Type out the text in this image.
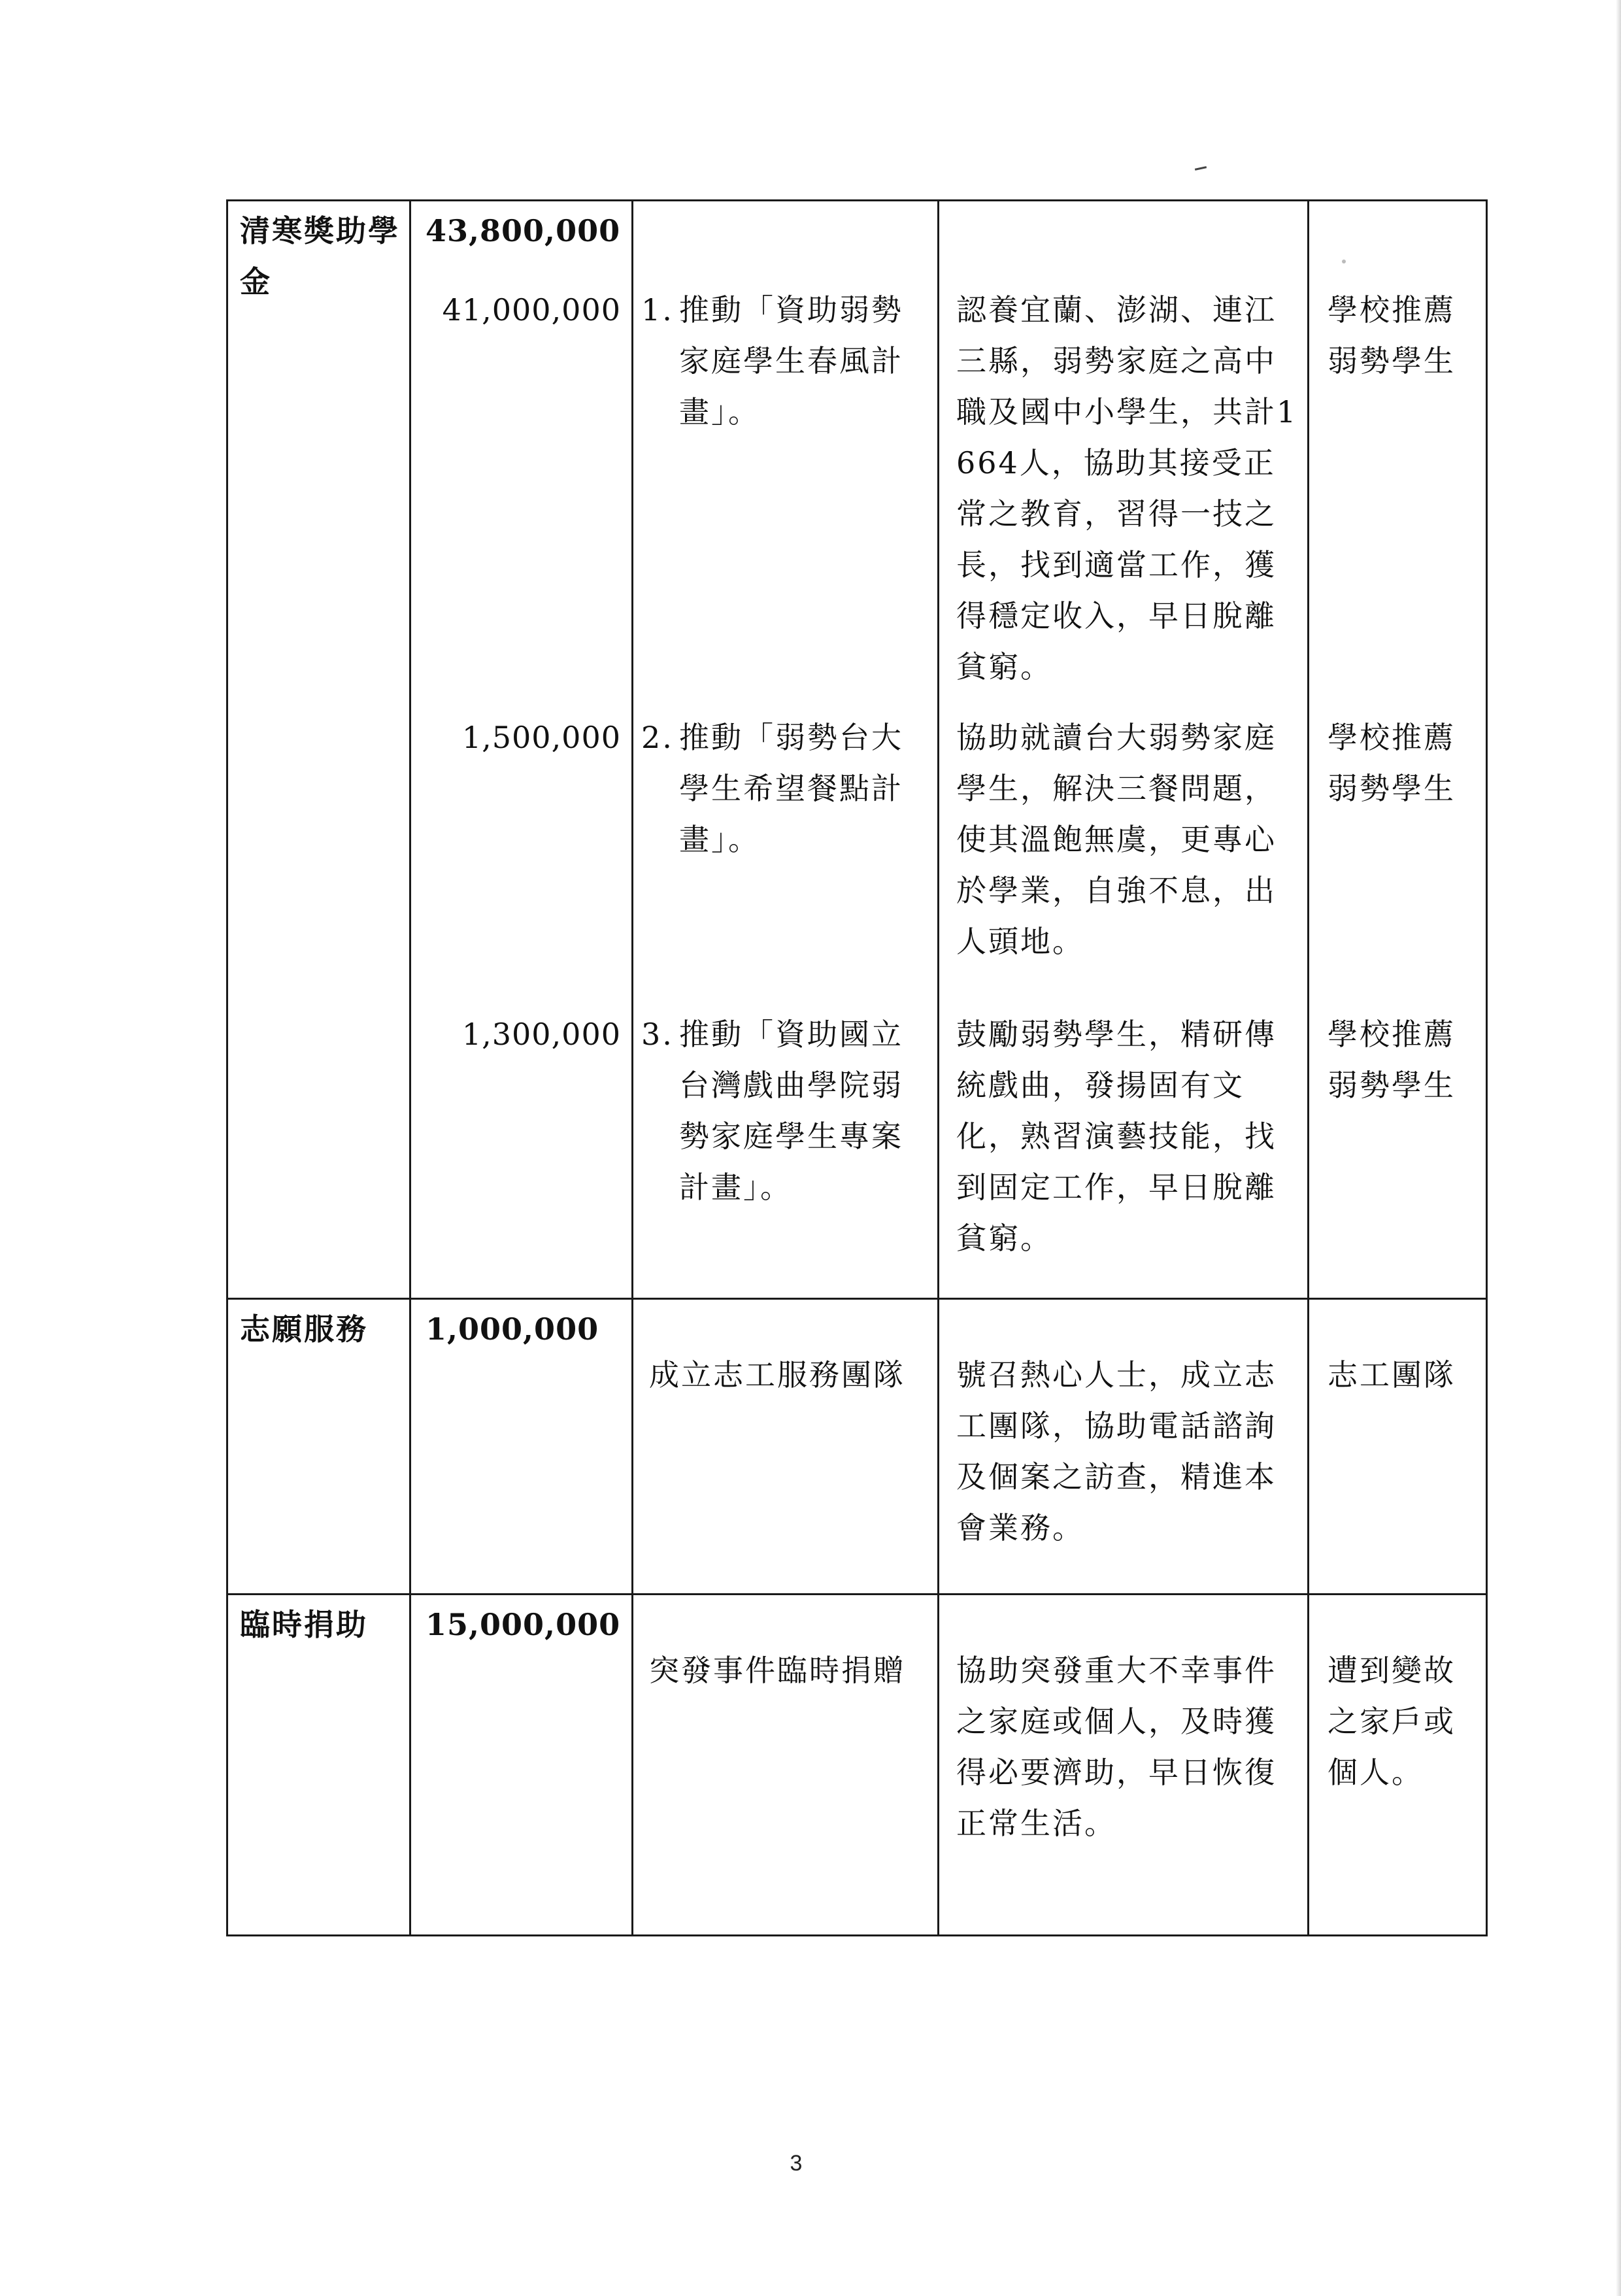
清寒獎助學金	43,800,000			

	41,000,000	1. 推動「資助弱勢家庭學生春風計畫」。	認養宜蘭、澎湖、連江三縣，弱勢家庭之高中職及國中小學生，共計1664人，協助其接受正常之教育，習得一技之長，找到適當工作，獲得穩定收入，早日脫離貧窮。	學校推薦弱勢學生

	1,500,000	2. 推動「弱勢台大學生希望餐點計畫」。	協助就讀台大弱勢家庭學生，解決三餐問題，使其溫飽無虞，更專心於學業，自強不息，出人頭地。	學校推薦弱勢學生

	1,300,000	3. 推動「資助國立台灣戲曲學院弱勢家庭學生專案計畫」。	鼓勵弱勢學生，精研傳統戲曲，發揚固有文化，熟習演藝技能，找到固定工作，早日脫離貧窮。	學校推薦弱勢學生

志願服務	1,000,000	成立志工服務團隊	號召熱心人士，成立志工團隊，協助電話諮詢及個案之訪查，精進本會業務。	志工團隊

臨時捐助	15,000,000	突發事件臨時捐贈	協助突發重大不幸事件之家庭或個人，及時獲得必要濟助，早日恢復正常生活。	遭到變故之家戶或個人。
3
